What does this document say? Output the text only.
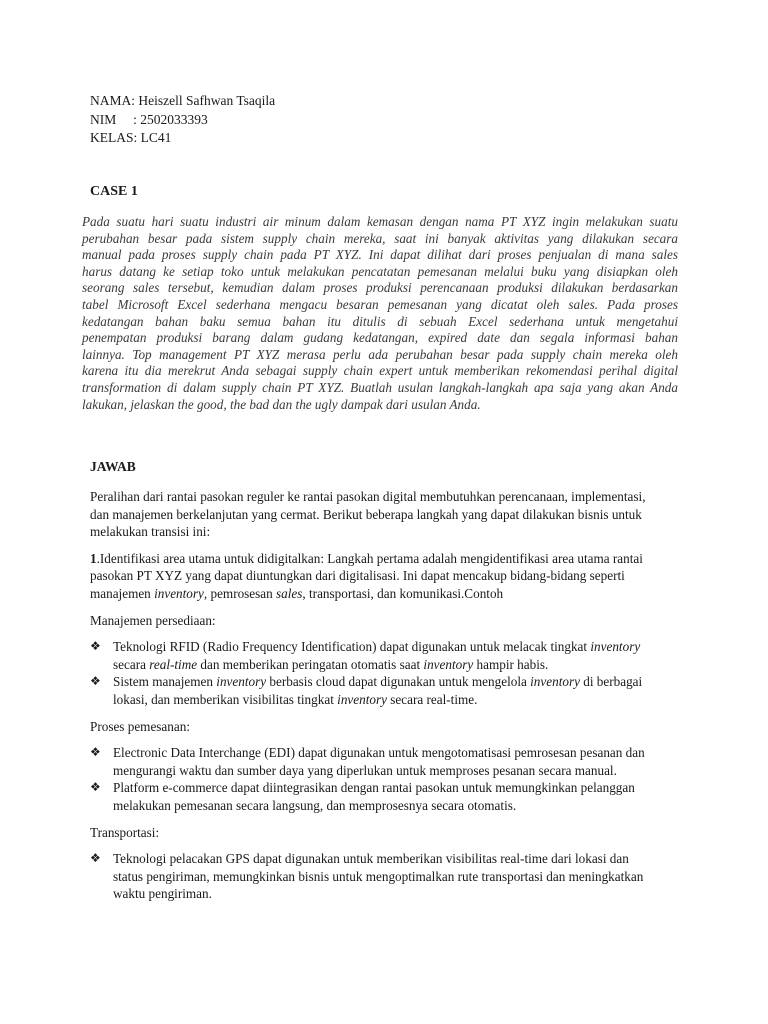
NAMA: Heiszell Safhwan Tsaqila
NIM     : 2502033393
KELAS: LC41
CASE 1
Pada suatu hari suatu industri air minum dalam kemasan dengan nama PT XYZ ingin melakukan suatu
perubahan besar pada sistem supply chain mereka, saat ini banyak aktivitas yang dilakukan secara
manual pada proses supply chain pada PT XYZ. Ini dapat dilihat dari proses penjualan di mana sales
harus datang ke setiap toko untuk melakukan pencatatan pemesanan melalui buku yang disiapkan oleh
seorang sales tersebut, kemudian dalam proses produksi perencanaan produksi dilakukan berdasarkan
tabel Microsoft Excel sederhana mengacu besaran pemesanan yang dicatat oleh sales. Pada proses
kedatangan bahan baku semua bahan itu ditulis di sebuah Excel sederhana untuk mengetahui
penempatan produksi barang dalam gudang kedatangan, expired date dan segala informasi bahan
lainnya. Top management PT XYZ merasa perlu ada perubahan besar pada supply chain mereka oleh
karena itu dia merekrut Anda sebagai supply chain expert untuk memberikan rekomendasi perihal digital
transformation di dalam supply chain PT XYZ. Buatlah usulan langkah-langkah apa saja yang akan Anda
lakukan, jelaskan the good, the bad dan the ugly dampak dari usulan Anda.
JAWAB

Peralihan dari rantai pasokan reguler ke rantai pasokan digital membutuhkan perencanaan, implementasi,
dan manajemen berkelanjutan yang cermat. Berikut beberapa langkah yang dapat dilakukan bisnis untuk
melakukan transisi ini:

1.Identifikasi area utama untuk didigitalkan: Langkah pertama adalah mengidentifikasi area utama rantai
pasokan PT XYZ yang dapat diuntungkan dari digitalisasi. Ini dapat mencakup bidang-bidang seperti
manajemen inventory, pemrosesan sales, transportasi, dan komunikasi.Contoh

Manajemen persediaan:

❖ Teknologi RFID (Radio Frequency Identification) dapat digunakan untuk melacak tingkat inventory
secara real-time dan memberikan peringatan otomatis saat inventory hampir habis.
❖ Sistem manajemen inventory berbasis cloud dapat digunakan untuk mengelola inventory di berbagai
lokasi, dan memberikan visibilitas tingkat inventory secara real-time.

Proses pemesanan:

❖ Electronic Data Interchange (EDI) dapat digunakan untuk mengotomatisasi pemrosesan pesanan dan
mengurangi waktu dan sumber daya yang diperlukan untuk memproses pesanan secara manual.
❖ Platform e-commerce dapat diintegrasikan dengan rantai pasokan untuk memungkinkan pelanggan
melakukan pemesanan secara langsung, dan memprosesnya secara otomatis.

Transportasi:

❖ Teknologi pelacakan GPS dapat digunakan untuk memberikan visibilitas real-time dari lokasi dan
status pengiriman, memungkinkan bisnis untuk mengoptimalkan rute transportasi dan meningkatkan
waktu pengiriman.
